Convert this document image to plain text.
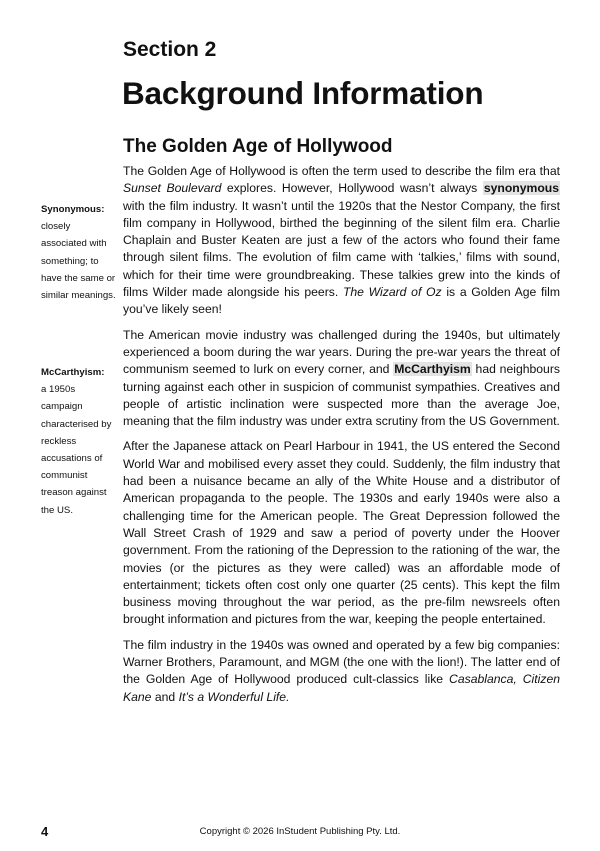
Section 2
Background Information
The Golden Age of Hollywood
Synonymous:
closely associated with something; to have the same or similar meanings.
McCarthyism:
a 1950s campaign characterised by reckless accusations of communist treason against the US.

The Golden Age of Hollywood is often the term used to describe the film era that Sunset Boulevard explores. However, Hollywood wasn’t always synonymous with the film industry. It wasn’t until the 1920s that the Nestor Company, the first film company in Hollywood, birthed the beginning of the silent film era. Charlie Chaplain and Buster Keaten are just a few of the actors who found their fame through silent films. The evolution of film came with ‘talkies,’ films with sound, which for their time were groundbreaking. These talkies grew into the kinds of films Wilder made alongside his peers. The Wizard of Oz is a Golden Age film you’ve likely seen!

The American movie industry was challenged during the 1940s, but ultimately experienced a boom during the war years. During the pre-war years the threat of communism seemed to lurk on every corner, and McCarthyism had neighbours turning against each other in suspicion of communist sympathies. Creatives and people of artistic inclination were suspected more than the average Joe, meaning that the film industry was under extra scrutiny from the US Government.

After the Japanese attack on Pearl Harbour in 1941, the US entered the Second World War and mobilised every asset they could. Suddenly, the film industry that had been a nuisance became an ally of the White House and a distributor of American propaganda to the people. The 1930s and early 1940s were also a challenging time for the American people. The Great Depression followed the Wall Street Crash of 1929 and saw a period of poverty under the Hoover government. From the rationing of the Depression to the rationing of the war, the movies (or the pictures as they were called) was an affordable mode of entertainment; tickets often cost only one quarter (25 cents). This kept the film business moving throughout the war period, as the pre-film newsreels often brought information and pictures from the war, keeping the people entertained.

The film industry in the 1940s was owned and operated by a few big companies: Warner Brothers, Paramount, and MGM (the one with the lion!). The latter end of the Golden Age of Hollywood produced cult-classics like Casablanca, Citizen Kane and It’s a Wonderful Life.

4	Copyright © 2026 InStudent Publishing Pty. Ltd.
